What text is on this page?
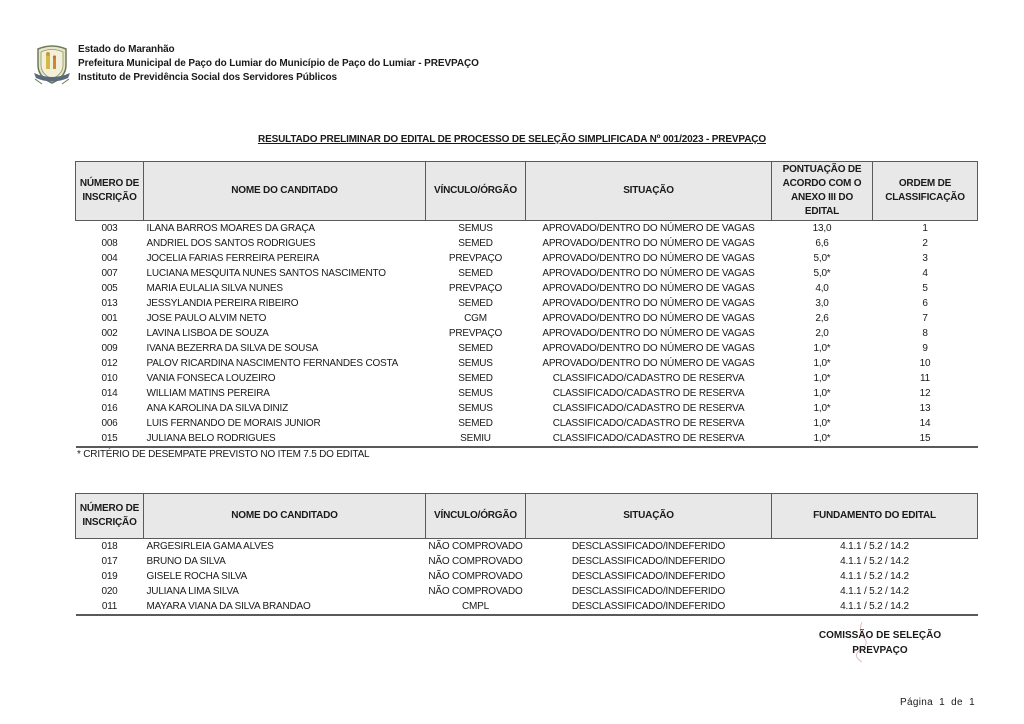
Estado do Maranhão
Prefeitura Municipal de Paço do Lumiar do Município de Paço do Lumiar - PREVPAÇO
Instituto de Previdência Social dos Servidores Públicos
RESULTADO PRELIMINAR DO EDITAL DE PROCESSO DE SELEÇÃO SIMPLIFICADA Nº 001/2023 - PREVPAÇO
NÚMERO DE INSCRIÇÃO	NOME DO CANDITADO	VÍNCULO/ÓRGÃO	SITUAÇÃO	PONTUAÇÃO DE ACORDO COM O ANEXO III DO EDITAL	ORDEM DE CLASSIFICAÇÃO
003	ILANA BARROS MOARES DA GRAÇA	SEMUS	APROVADO/DENTRO DO NÚMERO DE VAGAS	13,0	1
008	ANDRIEL DOS SANTOS RODRIGUES	SEMED	APROVADO/DENTRO DO NÚMERO DE VAGAS	6,6	2
004	JOCELIA FARIAS FERREIRA PEREIRA	PREVPAÇO	APROVADO/DENTRO DO NÚMERO DE VAGAS	5,0*	3
007	LUCIANA MESQUITA NUNES SANTOS NASCIMENTO	SEMED	APROVADO/DENTRO DO NÚMERO DE VAGAS	5,0*	4
005	MARIA EULALIA SILVA NUNES	PREVPAÇO	APROVADO/DENTRO DO NÚMERO DE VAGAS	4,0	5
013	JESSYLANDIA PEREIRA RIBEIRO	SEMED	APROVADO/DENTRO DO NÚMERO DE VAGAS	3,0	6
001	JOSE PAULO ALVIM NETO	CGM	APROVADO/DENTRO DO NÚMERO DE VAGAS	2,6	7
002	LAVINA LISBOA DE SOUZA	PREVPAÇO	APROVADO/DENTRO DO NÚMERO DE VAGAS	2,0	8
009	IVANA BEZERRA DA SILVA DE SOUSA	SEMED	APROVADO/DENTRO DO NÚMERO DE VAGAS	1,0*	9
012	PALOV RICARDINA NASCIMENTO FERNANDES COSTA	SEMUS	APROVADO/DENTRO DO NÚMERO DE VAGAS	1,0*	10
010	VANIA FONSECA LOUZEIRO	SEMED	CLASSIFICADO/CADASTRO DE RESERVA	1,0*	11
014	WILLIAM MATINS PEREIRA	SEMUS	CLASSIFICADO/CADASTRO DE RESERVA	1,0*	12
016	ANA KAROLINA DA SILVA DINIZ	SEMUS	CLASSIFICADO/CADASTRO DE RESERVA	1,0*	13
006	LUIS FERNANDO DE MORAIS JUNIOR	SEMED	CLASSIFICADO/CADASTRO DE RESERVA	1,0*	14
015	JULIANA BELO RODRIGUES	SEMIU	CLASSIFICADO/CADASTRO DE RESERVA	1,0*	15
* CRITÉRIO DE DESEMPATE PREVISTO NO ITEM 7.5 DO EDITAL
NÚMERO DE INSCRIÇÃO	NOME DO CANDITADO	VÍNCULO/ÓRGÃO	SITUAÇÃO	FUNDAMENTO DO EDITAL
018	ARGESIRLEIA GAMA ALVES	NÃO COMPROVADO	DESCLASSIFICADO/INDEFERIDO	4.1.1 / 5.2 / 14.2
017	BRUNO DA SILVA	NÃO COMPROVADO	DESCLASSIFICADO/INDEFERIDO	4.1.1 / 5.2 / 14.2
019	GISELE ROCHA SILVA	NÃO COMPROVADO	DESCLASSIFICADO/INDEFERIDO	4.1.1 / 5.2 / 14.2
020	JULIANA LIMA SILVA	NÃO COMPROVADO	DESCLASSIFICADO/INDEFERIDO	4.1.1 / 5.2 / 14.2
011	MAYARA VIANA DA SILVA BRANDAO	CMPL	DESCLASSIFICADO/INDEFERIDO	4.1.1 / 5.2 / 14.2
COMISSÃO DE SELEÇÃO
PREVPAÇO
Página 1 de 1
